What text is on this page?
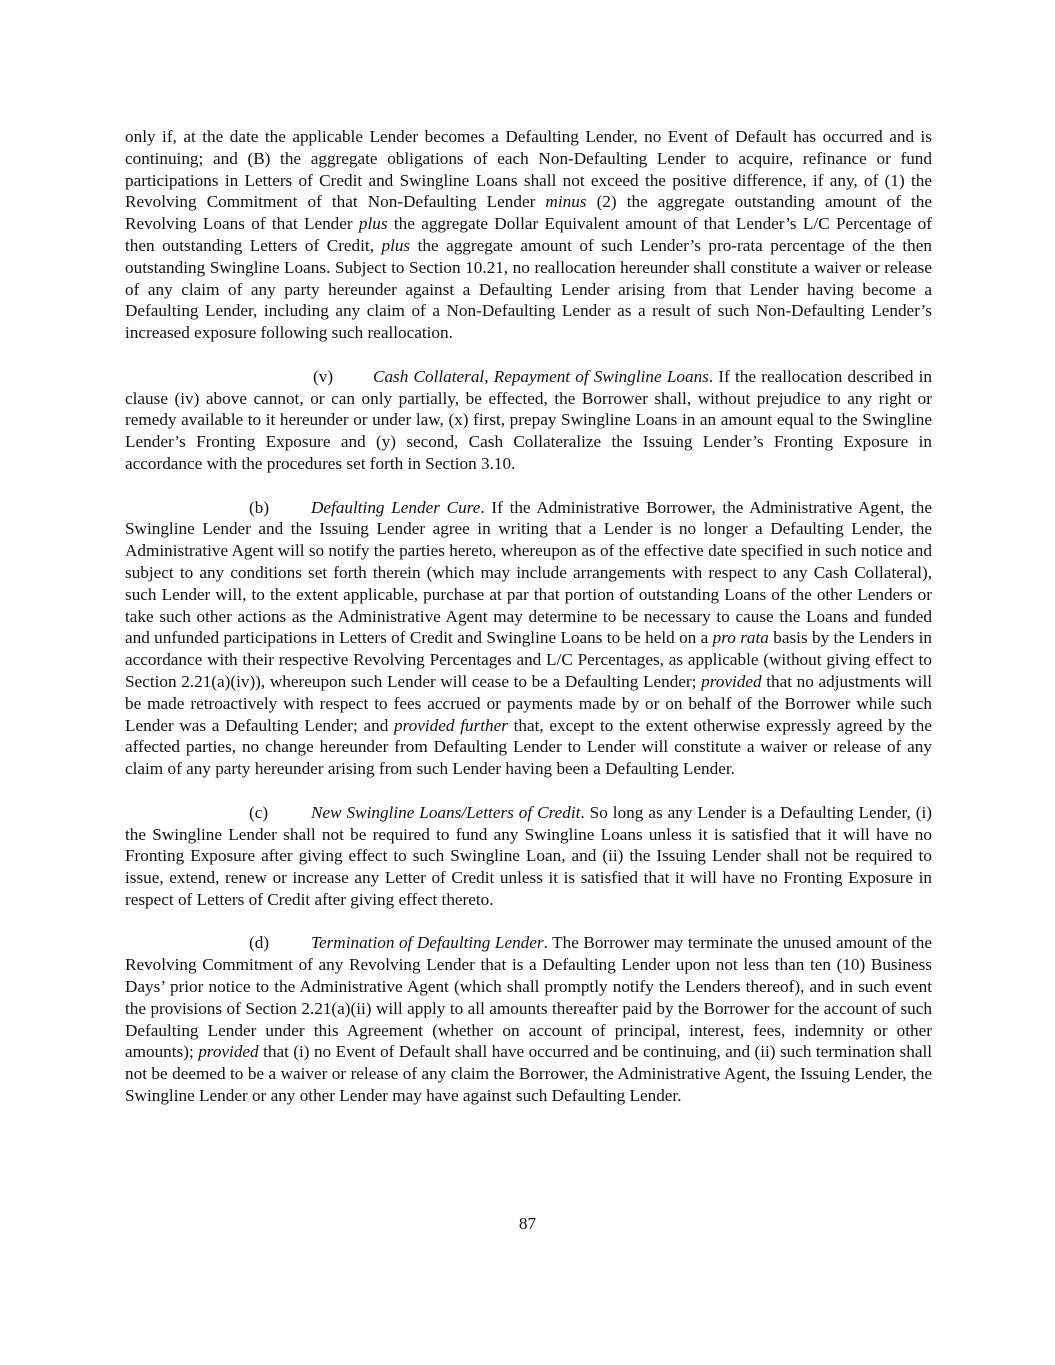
only if, at the date the applicable Lender becomes a Defaulting Lender, no Event of Default has occurred and is continuing; and (B) the aggregate obligations of each Non-Defaulting Lender to acquire, refinance or fund participations in Letters of Credit and Swingline Loans shall not exceed the positive difference, if any, of (1) the Revolving Commitment of that Non-Defaulting Lender minus (2) the aggregate outstanding amount of the Revolving Loans of that Lender plus the aggregate Dollar Equivalent amount of that Lender’s L/C Percentage of then outstanding Letters of Credit, plus the aggregate amount of such Lender’s pro-rata percentage of the then outstanding Swingline Loans. Subject to Section 10.21, no reallocation hereunder shall constitute a waiver or release of any claim of any party hereunder against a Defaulting Lender arising from that Lender having become a Defaulting Lender, including any claim of a Non-Defaulting Lender as a result of such Non-Defaulting Lender’s increased exposure following such reallocation.

(v) Cash Collateral, Repayment of Swingline Loans. If the reallocation described in clause (iv) above cannot, or can only partially, be effected, the Borrower shall, without prejudice to any right or remedy available to it hereunder or under law, (x) first, prepay Swingline Loans in an amount equal to the Swingline Lender’s Fronting Exposure and (y) second, Cash Collateralize the Issuing Lender’s Fronting Exposure in accordance with the procedures set forth in Section 3.10.

(b) Defaulting Lender Cure. If the Administrative Borrower, the Administrative Agent, the Swingline Lender and the Issuing Lender agree in writing that a Lender is no longer a Defaulting Lender, the Administrative Agent will so notify the parties hereto, whereupon as of the effective date specified in such notice and subject to any conditions set forth therein (which may include arrangements with respect to any Cash Collateral), such Lender will, to the extent applicable, purchase at par that portion of outstanding Loans of the other Lenders or take such other actions as the Administrative Agent may determine to be necessary to cause the Loans and funded and unfunded participations in Letters of Credit and Swingline Loans to be held on a pro rata basis by the Lenders in accordance with their respective Revolving Percentages and L/C Percentages, as applicable (without giving effect to Section 2.21(a)(iv)), whereupon such Lender will cease to be a Defaulting Lender; provided that no adjustments will be made retroactively with respect to fees accrued or payments made by or on behalf of the Borrower while such Lender was a Defaulting Lender; and provided further that, except to the extent otherwise expressly agreed by the affected parties, no change hereunder from Defaulting Lender to Lender will constitute a waiver or release of any claim of any party hereunder arising from such Lender having been a Defaulting Lender.

(c) New Swingline Loans/Letters of Credit. So long as any Lender is a Defaulting Lender, (i) the Swingline Lender shall not be required to fund any Swingline Loans unless it is satisfied that it will have no Fronting Exposure after giving effect to such Swingline Loan, and (ii) the Issuing Lender shall not be required to issue, extend, renew or increase any Letter of Credit unless it is satisfied that it will have no Fronting Exposure in respect of Letters of Credit after giving effect thereto.

(d) Termination of Defaulting Lender. The Borrower may terminate the unused amount of the Revolving Commitment of any Revolving Lender that is a Defaulting Lender upon not less than ten (10) Business Days’ prior notice to the Administrative Agent (which shall promptly notify the Lenders thereof), and in such event the provisions of Section 2.21(a)(ii) will apply to all amounts thereafter paid by the Borrower for the account of such Defaulting Lender under this Agreement (whether on account of principal, interest, fees, indemnity or other amounts); provided that (i) no Event of Default shall have occurred and be continuing, and (ii) such termination shall not be deemed to be a waiver or release of any claim the Borrower, the Administrative Agent, the Issuing Lender, the Swingline Lender or any other Lender may have against such Defaulting Lender.

87
